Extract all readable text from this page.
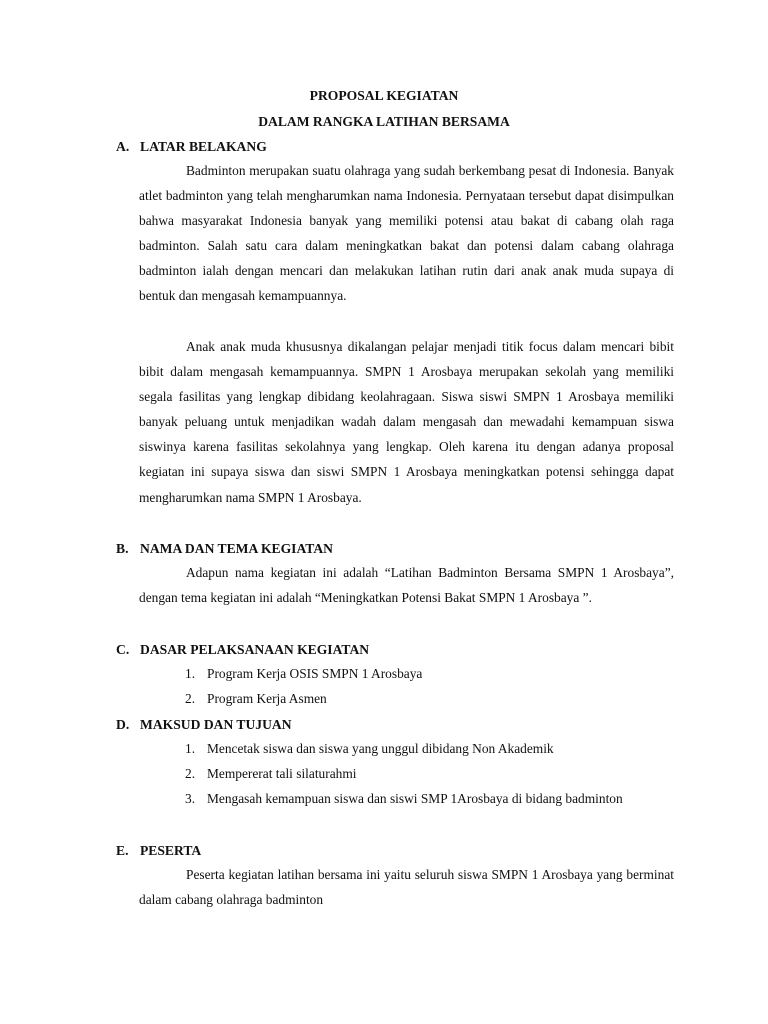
PROPOSAL KEGIATAN
DALAM RANGKA LATIHAN BERSAMA
A. LATAR BELAKANG

Badminton merupakan suatu olahraga yang sudah berkembang pesat di Indonesia. Banyak atlet badminton yang telah mengharumkan nama Indonesia. Pernyataan tersebut dapat disimpulkan bahwa masyarakat Indonesia banyak yang memiliki potensi atau bakat di cabang olah raga badminton. Salah satu cara dalam meningkatkan bakat dan potensi dalam cabang olahraga badminton ialah dengan mencari dan melakukan latihan rutin dari anak anak muda supaya di bentuk dan mengasah kemampuannya.

Anak anak muda khususnya dikalangan pelajar menjadi titik focus dalam mencari bibit bibit dalam mengasah kemampuannya. SMPN 1 Arosbaya merupakan sekolah yang memiliki segala fasilitas yang lengkap dibidang keolahragaan. Siswa siswi SMPN 1 Arosbaya memiliki banyak peluang untuk menjadikan wadah dalam mengasah dan mewadahi kemampuan siswa siswinya karena fasilitas sekolahnya yang lengkap. Oleh karena itu dengan adanya proposal kegiatan ini supaya siswa dan siswi SMPN 1 Arosbaya meningkatkan potensi sehingga dapat mengharumkan nama SMPN 1 Arosbaya.

B. NAMA DAN TEMA KEGIATAN

Adapun nama kegiatan ini adalah “Latihan Badminton Bersama SMPN 1 Arosbaya”, dengan tema kegiatan ini adalah “Meningkatkan Potensi Bakat SMPN 1 Arosbaya ”.

C. DASAR PELAKSANAAN KEGIATAN
1. Program Kerja OSIS SMPN 1 Arosbaya
2. Program Kerja Asmen
D. MAKSUD DAN TUJUAN
1. Mencetak siswa dan siswa yang unggul dibidang Non Akademik
2. Mempererat tali silaturahmi
3. Mengasah kemampuan siswa dan siswi SMP 1Arosbaya di bidang badminton
E. PESERTA

Peserta kegiatan latihan bersama ini yaitu seluruh siswa SMPN 1 Arosbaya yang berminat dalam cabang olahraga badminton
